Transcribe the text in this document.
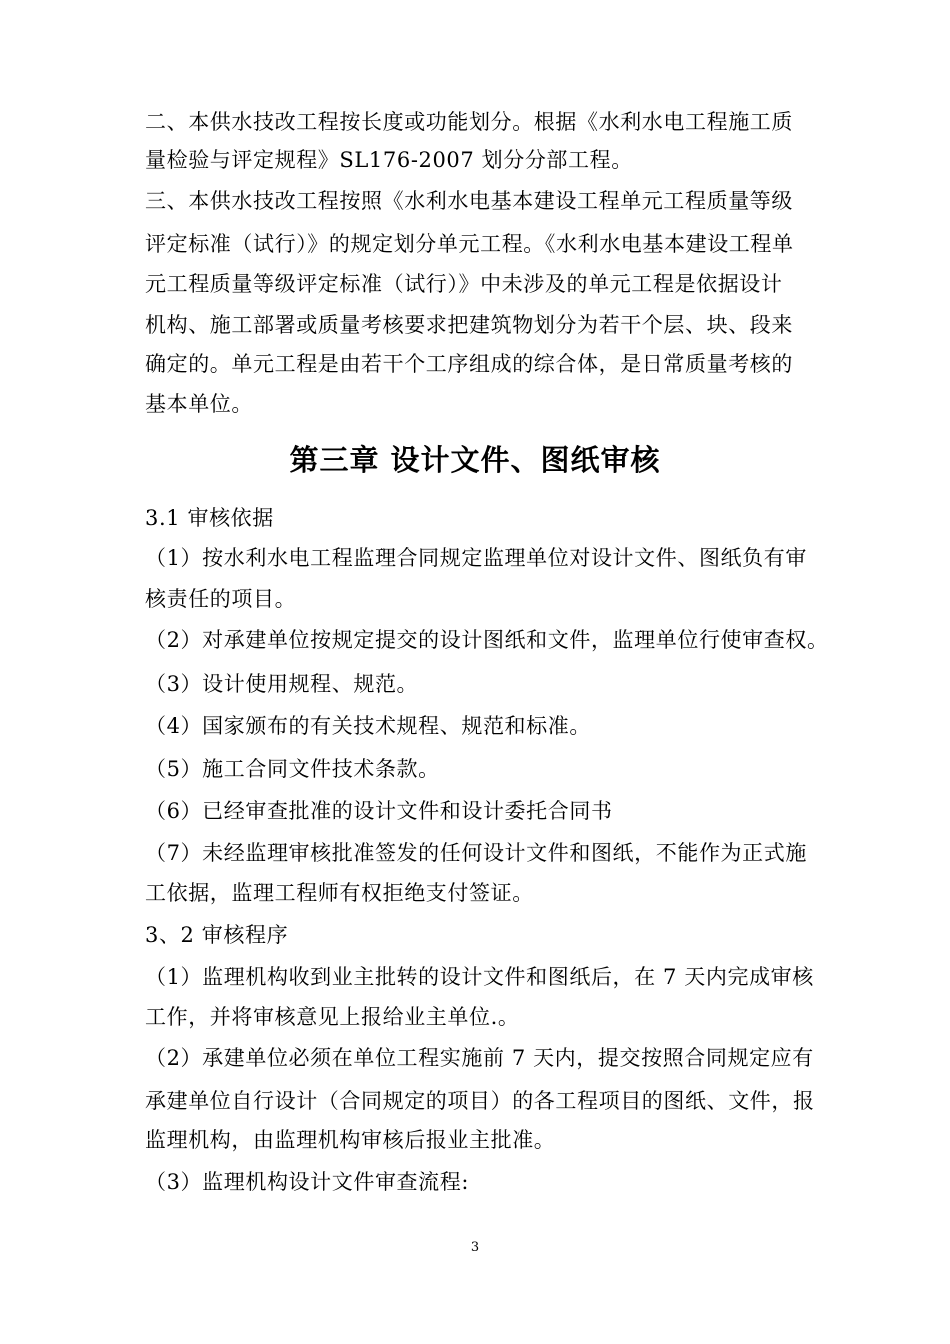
二、本供水技改工程按长度或功能划分。根据《水利水电工程施工质
量检验与评定规程》SL176-2007 划分分部工程。
三、本供水技改工程按照《水利水电基本建设工程单元工程质量等级
评定标准（试行）》的规定划分单元工程。《水利水电基本建设工程单
元工程质量等级评定标准（试行）》中未涉及的单元工程是依据设计
机构、施工部署或质量考核要求把建筑物划分为若干个层、块、段来
确定的。单元工程是由若干个工序组成的综合体，是日常质量考核的
基本单位。
第三章 设计文件、图纸审核
3.1 审核依据
（1）按水利水电工程监理合同规定监理单位对设计文件、图纸负有审
核责任的项目。
（2）对承建单位按规定提交的设计图纸和文件，监理单位行使审查权。
（3）设计使用规程、规范。
（4）国家颁布的有关技术规程、规范和标准。
（5）施工合同文件技术条款。
（6）已经审查批准的设计文件和设计委托合同书
（7）未经监理审核批准签发的任何设计文件和图纸，不能作为正式施
工依据，监理工程师有权拒绝支付签证。
3、2 审核程序
（1）监理机构收到业主批转的设计文件和图纸后，在 7 天内完成审核
工作，并将审核意见上报给业主单位.。
（2）承建单位必须在单位工程实施前 7 天内，提交按照合同规定应有
承建单位自行设计（合同规定的项目）的各工程项目的图纸、文件，报
监理机构，由监理机构审核后报业主批准。
（3）监理机构设计文件审查流程:
3
